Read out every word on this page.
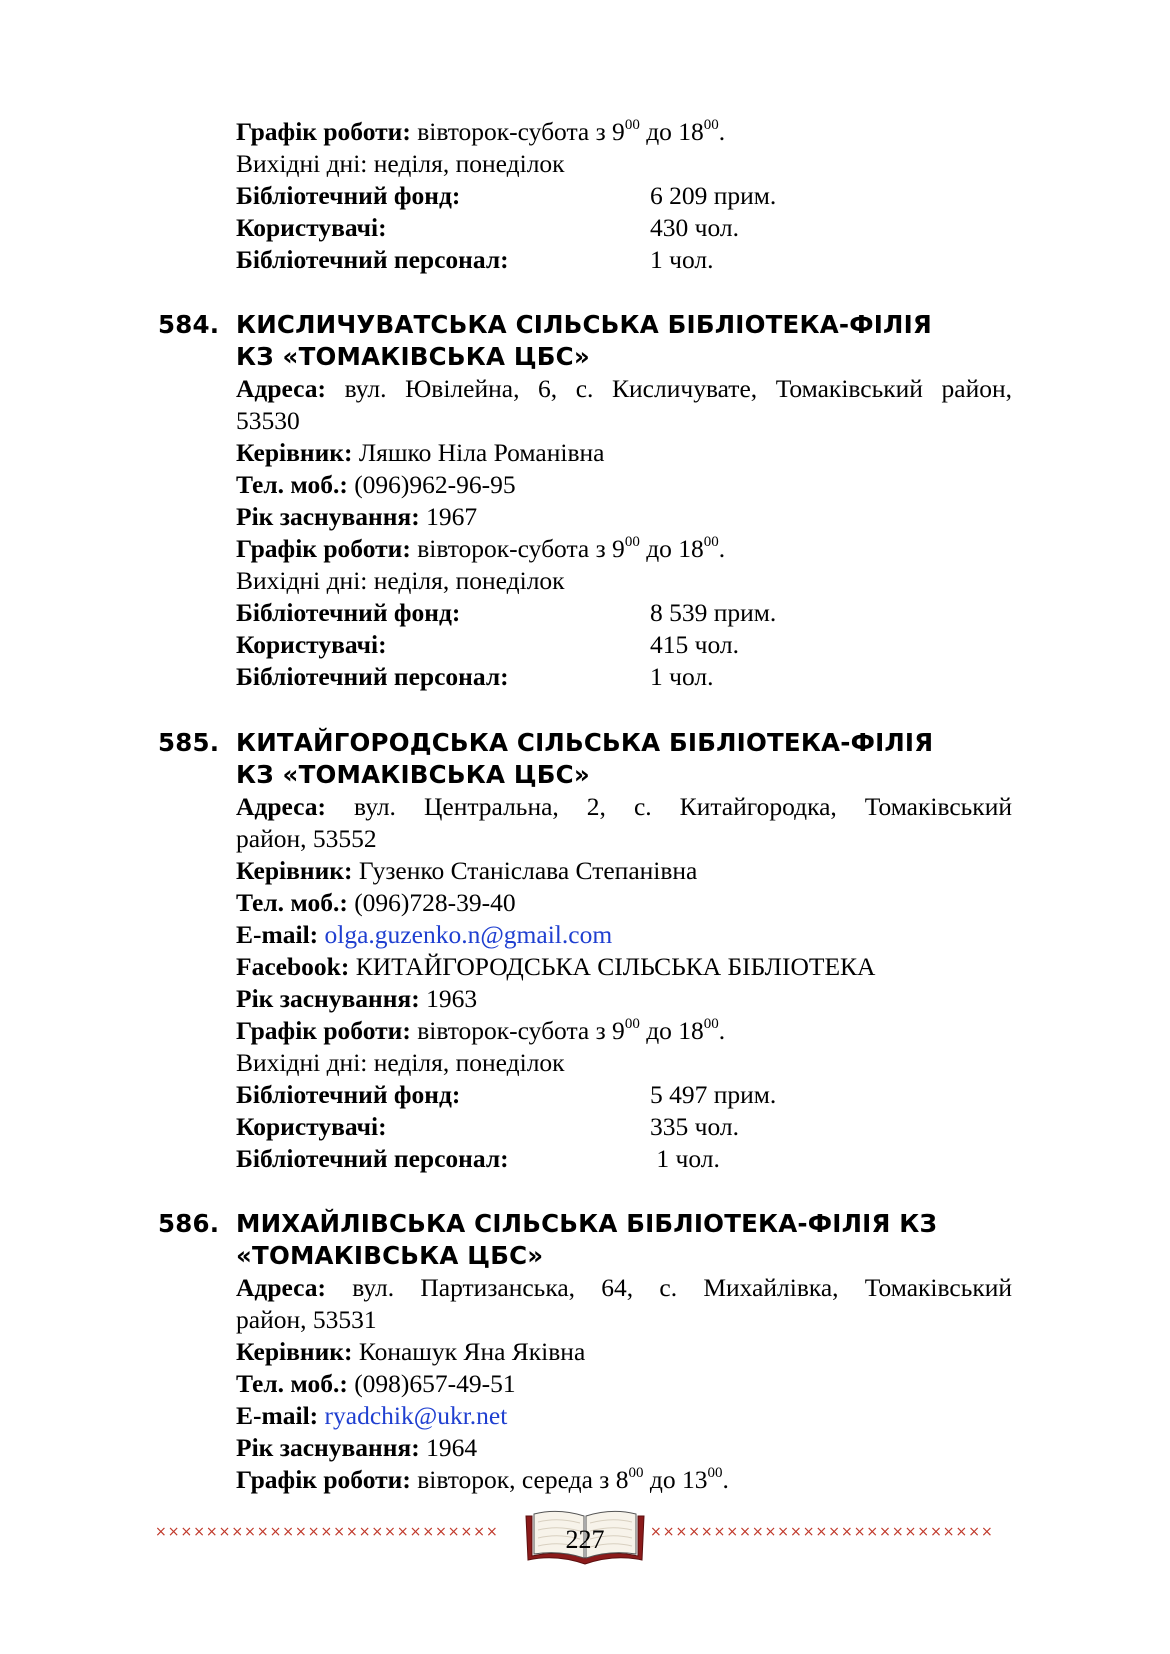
Графік роботи: вівторок-субота з $9^{00}$ до $18^{00}$.
Вихідні дні: неділя, понеділок
Бібліотечний фонд:	6 209 прим.
Користувачі:	430 чол.
Бібліотечний персонал:	1 чол.
584. КИСЛИЧУВАТСЬКА СІЛЬСЬКА БІБЛІОТЕКА-ФІЛІЯ
КЗ «ТОМАКІВСЬКА ЦБС»
Адреса: вул. Ювілейна, 6, с. Кисличувате, Томаківський район,
53530
Керівник: Ляшко Ніла Романівна
Тел. моб.: (096)962-96-95
Рік заснування: 1967
Графік роботи: вівторок-субота з $9^{00}$ до $18^{00}$.
Вихідні дні: неділя, понеділок
Бібліотечний фонд:	8 539 прим.
Користувачі:	415 чол.
Бібліотечний персонал:	1 чол.
585. КИТАЙГОРОДСЬКА СІЛЬСЬКА БІБЛІОТЕКА-ФІЛІЯ
КЗ «ТОМАКІВСЬКА ЦБС»
Адреса: вул. Центральна, 2, с. Китайгородка, Томаківський
район, 53552
Керівник: Гузенко Станіслава Степанівна
Тел. моб.: (096)728-39-40
E-mail: olga.guzenko.n@gmail.com
Facebook: КИТАЙГОРОДСЬКА СІЛЬСЬКА БІБЛІОТЕКА
Рік заснування: 1963
Графік роботи: вівторок-субота з $9^{00}$ до $18^{00}$.
Вихідні дні: неділя, понеділок
Бібліотечний фонд:	5 497 прим.
Користувачі:	335 чол.
Бібліотечний персонал:	1 чол.
586. МИХАЙЛІВСЬКА СІЛЬСЬКА БІБЛІОТЕКА-ФІЛІЯ КЗ
«ТОМАКІВСЬКА ЦБС»
Адреса: вул. Партизанська, 64, с. Михайлівка, Томаківський
район, 53531
Керівник: Конашук Яна Яківна
Тел. моб.: (098)657-49-51
E-mail: ryadchik@ukr.net
Рік заснування: 1964
Графік роботи: вівторок, середа з $8^{00}$ до $13^{00}$.
×××××××××××××××××××××××××××	×××××××××××××××××××××××××××
227
